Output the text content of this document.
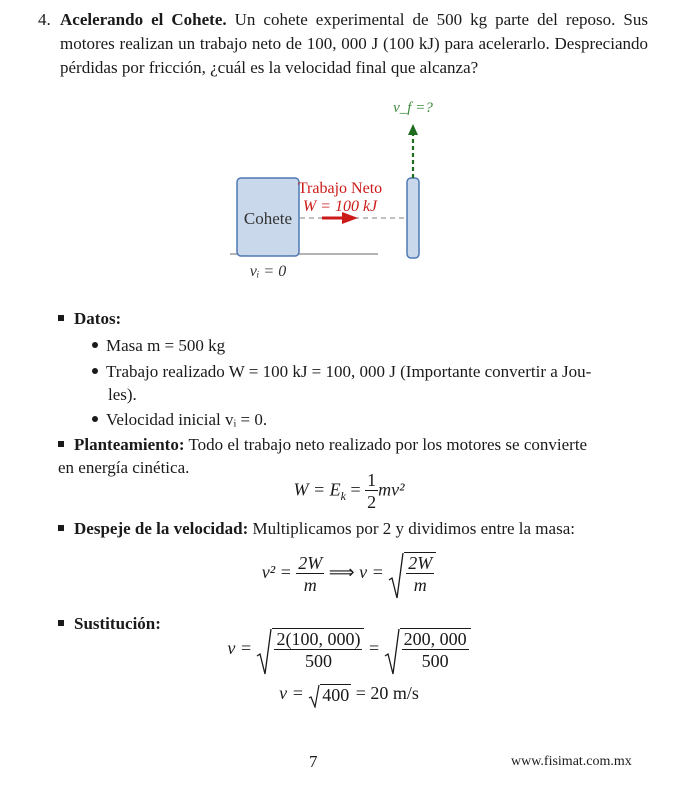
4. Acelerando el Cohete. Un cohete experimental de 500 kg parte del reposo. Sus motores realizan un trabajo neto de 100, 000 J (100 kJ) para acelerarlo. Despreciando pérdidas por fricción, ¿cuál es la velocidad final que alcanza?
Cohete
Trabajo Neto
W = 100 kJ
v_f =?
vᵢ = 0
Datos:
Masa m = 500 kg
Trabajo realizado W = 100 kJ = 100, 000 J (Importante convertir a Jou-
les).
Velocidad inicial vᵢ = 0.
Planteamiento: Todo el trabajo neto realizado por los motores se convierte
en energía cinética.
$W = E_k = \frac{1}{2} mv^2$
Despeje de la velocidad: Multiplicamos por 2 y dividimos entre la masa:
$v^2 = \frac{2W}{m}$ ⟹ $v = \frac{2W}{m}$
Sustitución:
$v = \frac{2(100, 000)}{500} = \frac{200, 000}{500}$
v =
400 = 20 m/s
7	www.fisimat.com.mx
